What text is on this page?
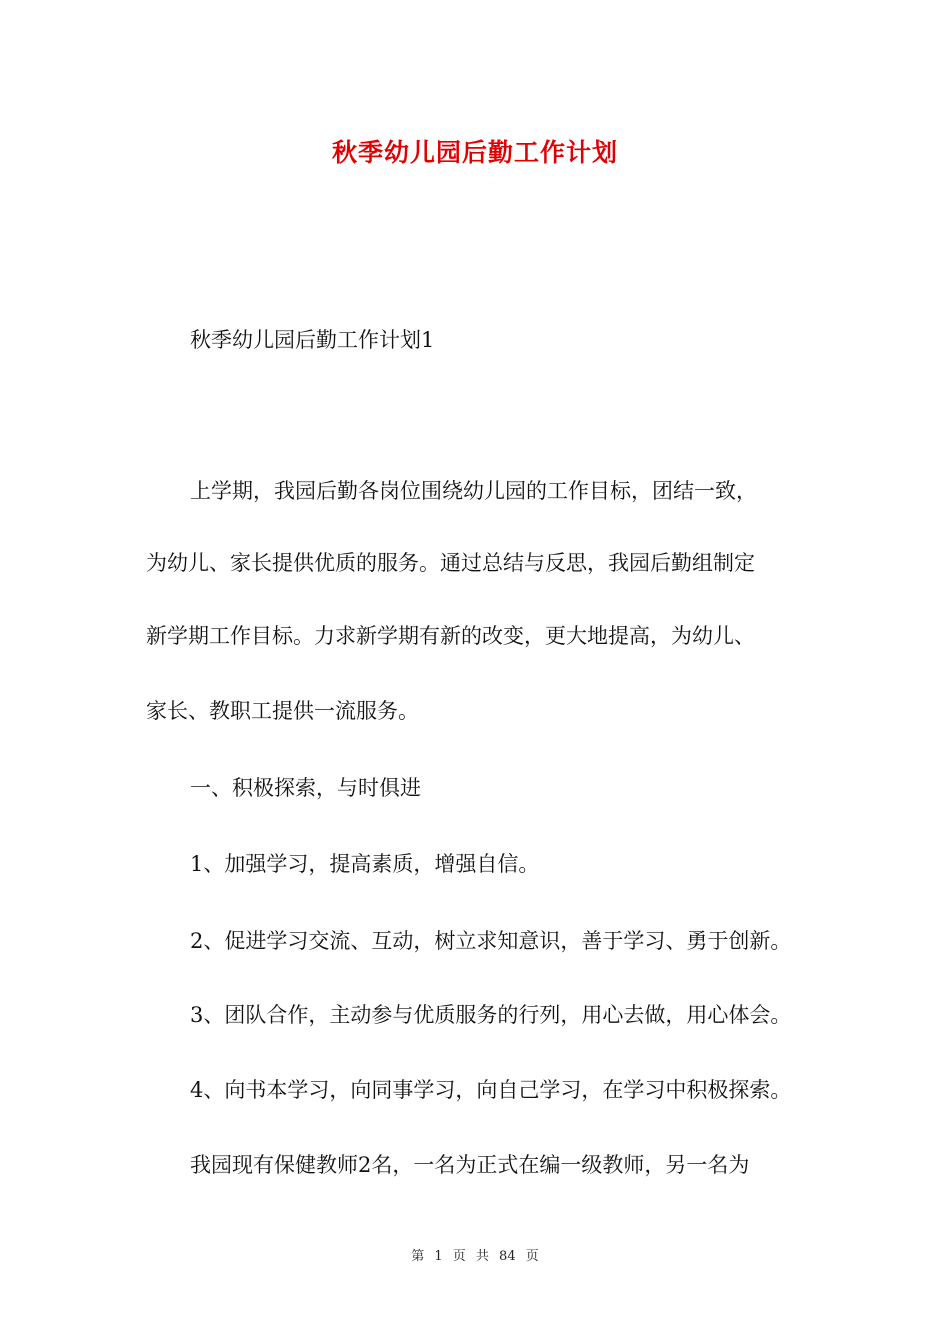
秋季幼儿园后勤工作计划
秋季幼儿园后勤工作计划1
上学期，我园后勤各岗位围绕幼儿园的工作目标，团结一致，
为幼儿、家长提供优质的服务。通过总结与反思，我园后勤组制定
新学期工作目标。力求新学期有新的改变，更大地提高，为幼儿、
家长、教职工提供一流服务。
一、积极探索，与时俱进
1、加强学习，提高素质，增强自信。
2、促进学习交流、互动，树立求知意识，善于学习、勇于创新。
3、团队合作，主动参与优质服务的行列，用心去做，用心体会。
4、向书本学习，向同事学习，向自己学习，在学习中积极探索。
我园现有保健教师2名，一名为正式在编一级教师，另一名为
第 1 页 共 84 页
